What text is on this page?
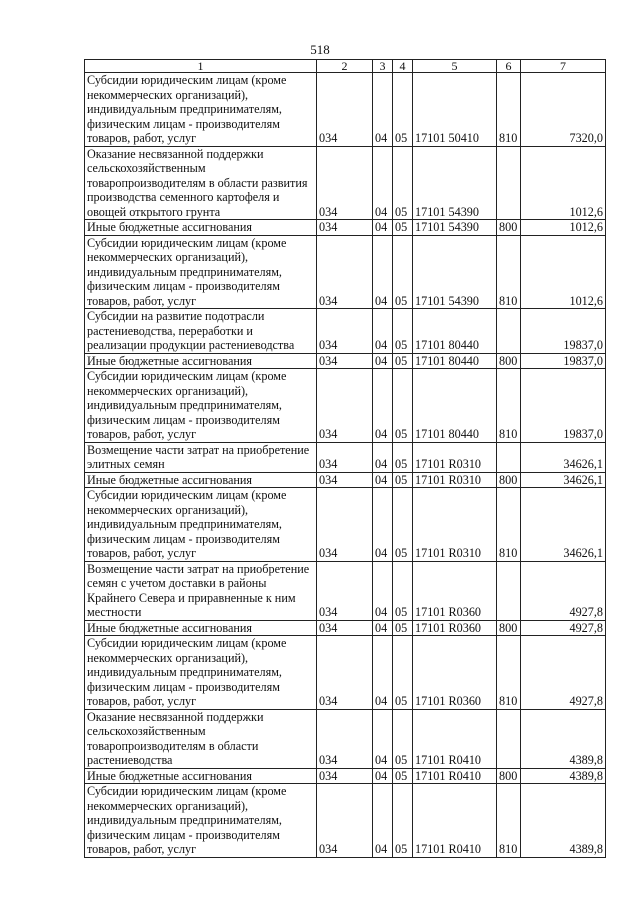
518
1	2	3	4	5	6	7
Субсидии юридическим лицам (кроме некоммерческих организаций), индивидуальным предпринимателям, физическим лицам - производителям товаров, работ, услуг	034	04	05	17101 50410	810	7320,0
Оказание несвязанной поддержки сельскохозяйственным товаропроизводителям в области развития производства семенного картофеля и овощей открытого грунта	034	04	05	17101 54390		1012,6
Иные бюджетные ассигнования	034	04	05	17101 54390	800	1012,6
Субсидии юридическим лицам (кроме некоммерческих организаций), индивидуальным предпринимателям, физическим лицам - производителям товаров, работ, услуг	034	04	05	17101 54390	810	1012,6
Субсидии на развитие подотрасли растениеводства, переработки и реализации продукции растениеводства	034	04	05	17101 80440		19837,0
Иные бюджетные ассигнования	034	04	05	17101 80440	800	19837,0
Субсидии юридическим лицам (кроме некоммерческих организаций), индивидуальным предпринимателям, физическим лицам - производителям товаров, работ, услуг	034	04	05	17101 80440	810	19837,0
Возмещение части затрат на приобретение элитных семян	034	04	05	17101 R0310		34626,1
Иные бюджетные ассигнования	034	04	05	17101 R0310	800	34626,1
Субсидии юридическим лицам (кроме некоммерческих организаций), индивидуальным предпринимателям, физическим лицам - производителям товаров, работ, услуг	034	04	05	17101 R0310	810	34626,1
Возмещение части затрат на приобретение семян с учетом доставки в районы Крайнего Севера и приравненные к ним местности	034	04	05	17101 R0360		4927,8
Иные бюджетные ассигнования	034	04	05	17101 R0360	800	4927,8
Субсидии юридическим лицам (кроме некоммерческих организаций), индивидуальным предпринимателям, физическим лицам - производителям товаров, работ, услуг	034	04	05	17101 R0360	810	4927,8
Оказание несвязанной поддержки сельскохозяйственным товаропроизводителям в области растениеводства	034	04	05	17101 R0410		4389,8
Иные бюджетные ассигнования	034	04	05	17101 R0410	800	4389,8
Субсидии юридическим лицам (кроме некоммерческих организаций), индивидуальным предпринимателям, физическим лицам - производителям товаров, работ, услуг	034	04	05	17101 R0410	810	4389,8
